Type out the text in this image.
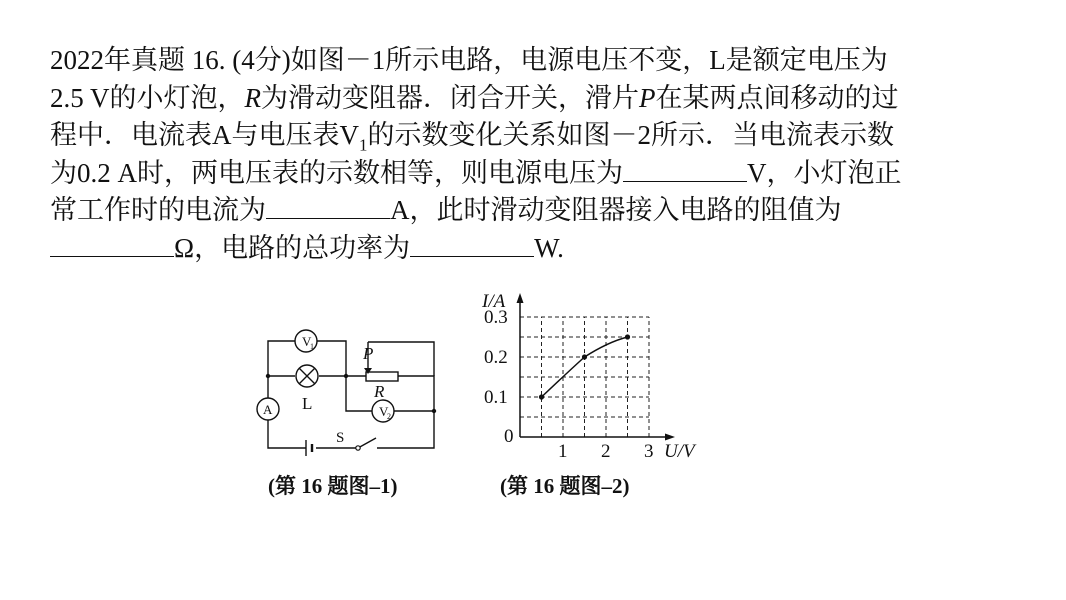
2022年真题 16. (4分)如图－1所示电路，电源电压不变，L是额定电压为
2.5 V的小灯泡，R为滑动变阻器．闭合开关，滑片P在某两点间移动的过
程中．电流表A与电压表$V_1$的示数变化关系如图－2所示．当电流表示数
为0.2 A时，两电压表的示数相等，则电源电压为	V，小灯泡正
常工作时的电流为	A，此时滑动变阻器接入电路的阻值为
Ω，电路的总功率为	W.
V
1
V
2
A L
P
R
S
I/A
U/V
0
1 2 3
0.1
0.2
0.3
(第 16 题图–1)	(第 16 题图–2)
